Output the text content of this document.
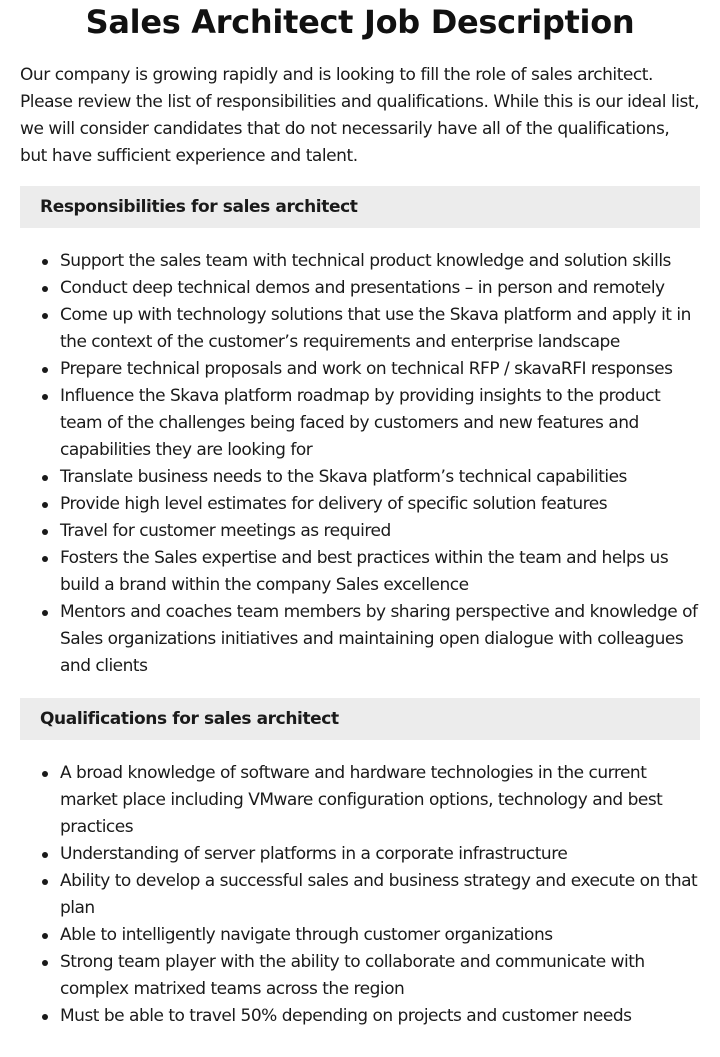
Sales Architect Job Description

Our company is growing rapidly and is looking to fill the role of sales architect. Please review the list of responsibilities and qualifications. While this is our ideal list, we will consider candidates that do not necessarily have all of the qualifications, but have sufficient experience and talent.

Responsibilities for sales architect
Support the sales team with technical product knowledge and solution skills
Conduct deep technical demos and presentations – in person and remotely
Come up with technology solutions that use the Skava platform and apply it in the context of the customer’s requirements and enterprise landscape
Prepare technical proposals and work on technical RFP / skavaRFI responses
Influence the Skava platform roadmap by providing insights to the product team of the challenges being faced by customers and new features and capabilities they are looking for
Translate business needs to the Skava platform’s technical capabilities
Provide high level estimates for delivery of specific solution features
Travel for customer meetings as required
Fosters the Sales expertise and best practices within the team and helps us build a brand within the company Sales excellence
Mentors and coaches team members by sharing perspective and knowledge of Sales organizations initiatives and maintaining open dialogue with colleagues and clients
Qualifications for sales architect
A broad knowledge of software and hardware technologies in the current market place including VMware configuration options, technology and best practices
Understanding of server platforms in a corporate infrastructure
Ability to develop a successful sales and business strategy and execute on that plan
Able to intelligently navigate through customer organizations
Strong team player with the ability to collaborate and communicate with complex matrixed teams across the region
Must be able to travel 50% depending on projects and customer needs
